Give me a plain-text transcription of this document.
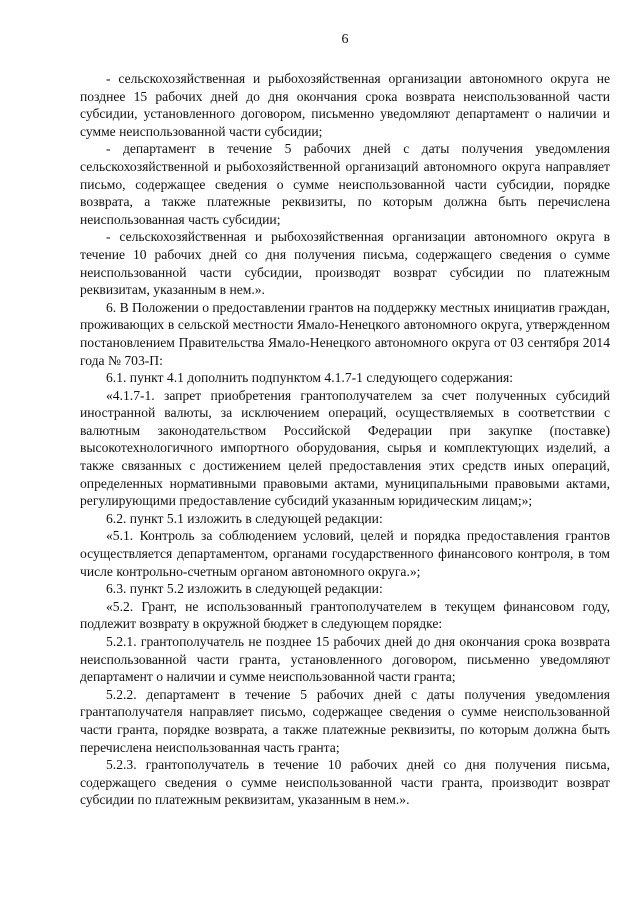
6

- сельскохозяйственная и рыбохозяйственная организации автономного округа не позднее 15 рабочих дней до дня окончания срока возврата неиспользованной части субсидии, установленного договором, письменно уведомляют департамент о наличии и сумме неиспользованной части субсидии;

- департамент в течение 5 рабочих дней с даты получения уведомления сельскохозяйственной и рыбохозяйственной организаций автономного округа направляет письмо, содержащее сведения о сумме неиспользованной части субсидии, порядке возврата, а также платежные реквизиты, по которым должна быть перечислена неиспользованная часть субсидии;

- сельскохозяйственная и рыбохозяйственная организации автономного округа в течение 10 рабочих дней со дня получения письма, содержащего сведения о сумме неиспользованной части субсидии, производят возврат субсидии по платежным реквизитам, указанным в нем.».

6. В Положении о предоставлении грантов на поддержку местных инициатив граждан, проживающих в сельской местности Ямало-Ненецкого автономного округа, утвержденном постановлением Правительства Ямало-Ненецкого автономного округа от 03 сентября 2014 года № 703-П:

6.1. пункт 4.1 дополнить подпунктом 4.1.7-1 следующего содержания:

«4.1.7-1. запрет приобретения грантополучателем за счет полученных субсидий иностранной валюты, за исключением операций, осуществляемых в соответствии с валютным законодательством Российской Федерации при закупке (поставке) высокотехнологичного импортного оборудования, сырья и комплектующих изделий, а также связанных с достижением целей предоставления этих средств иных операций, определенных нормативными правовыми актами, муниципальными правовыми актами, регулирующими предоставление субсидий указанным юридическим лицам;»;

6.2. пункт 5.1 изложить в следующей редакции:

«5.1. Контроль за соблюдением условий, целей и порядка предоставления грантов осуществляется департаментом, органами государственного финансового контроля, в том числе контрольно-счетным органом автономного округа.»;

6.3. пункт 5.2 изложить в следующей редакции:

«5.2. Грант, не использованный грантополучателем в текущем финансовом году, подлежит возврату в окружной бюджет в следующем порядке:

5.2.1. грантополучатель не позднее 15 рабочих дней до дня окончания срока возврата неиспользованной части гранта, установленного договором, письменно уведомляют департамент о наличии и сумме неиспользованной части гранта;

5.2.2. департамент в течение 5 рабочих дней с даты получения уведомления грантаполучателя направляет письмо, содержащее сведения о сумме неиспользованной части гранта, порядке возврата, а также платежные реквизиты, по которым должна быть перечислена неиспользованная часть гранта;

5.2.3. грантополучатель в течение 10 рабочих дней со дня получения письма, содержащего сведения о сумме неиспользованной части гранта, производит возврат субсидии по платежным реквизитам, указанным в нем.».
